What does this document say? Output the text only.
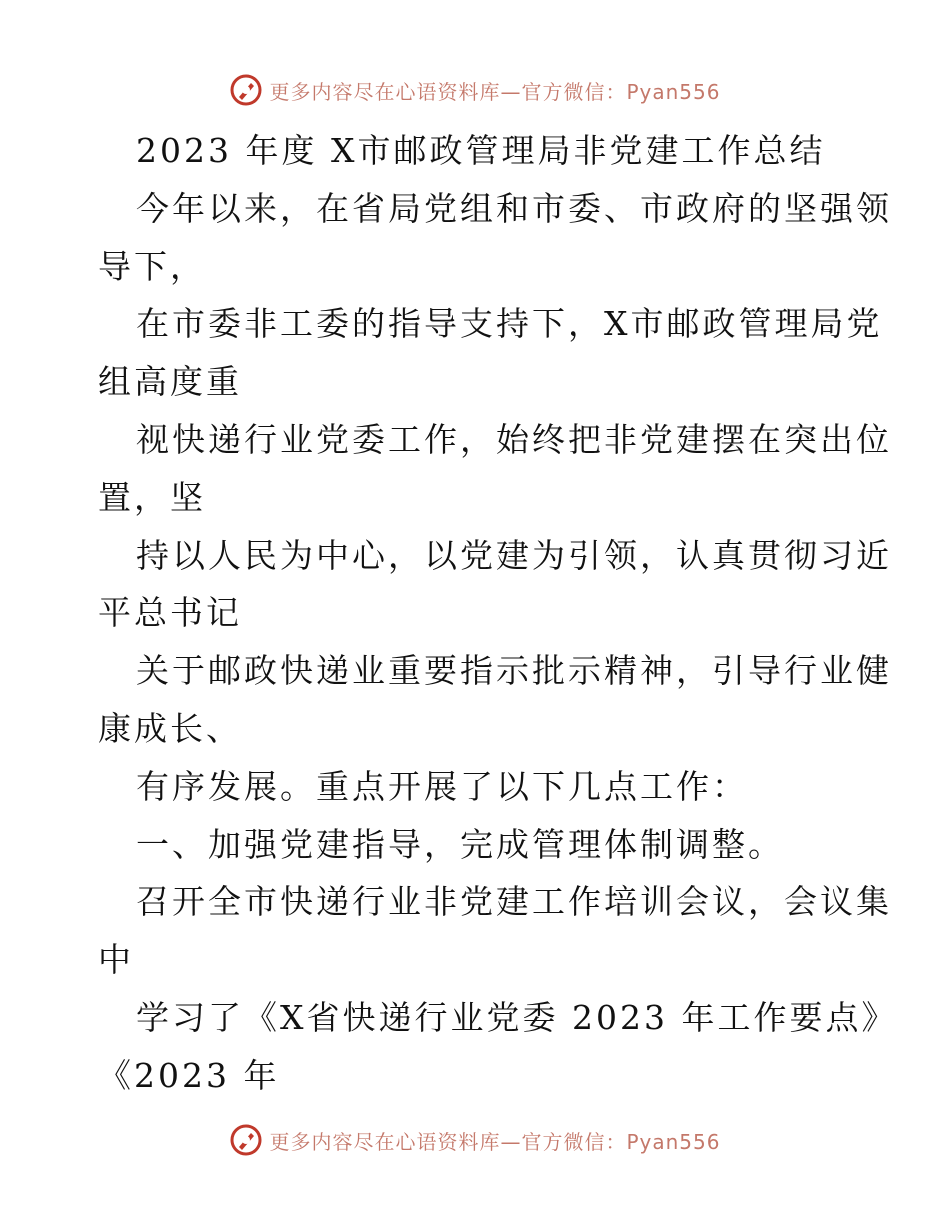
更多内容尽在心语资料库—官方微信：Pyan556
2023 年度 X市邮政管理局非党建工作总结
今年以来，在省局党组和市委、市政府的坚强领
导下，
在市委非工委的指导支持下，X市邮政管理局党
组高度重
视快递行业党委工作，始终把非党建摆在突出位
置，坚
持以人民为中心，以党建为引领，认真贯彻习近
平总书记
关于邮政快递业重要指示批示精神，引导行业健
康成长、
有序发展。重点开展了以下几点工作：
一、加强党建指导，完成管理体制调整。
召开全市快递行业非党建工作培训会议，会议集
中
学习了《X省快递行业党委 2023 年工作要点》
《2023 年
更多内容尽在心语资料库—官方微信：Pyan556
